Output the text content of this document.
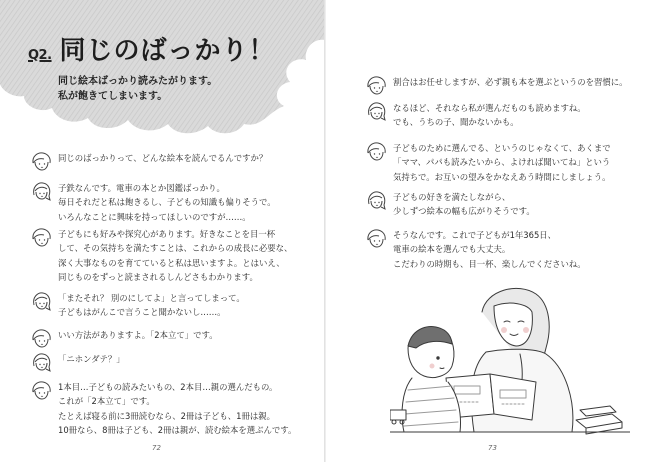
Q2. 同じのばっかり！
同じ絵本ばっかり読みたがります。
私が飽きてしまいます。
同じのばっかりって、どんな絵本を読んでるんですか？
子鉄なんです。電車の本とか図鑑ばっかり。
毎日それだと私は飽きるし、子どもの知識も偏りそうで。
いろんなことに興味を持ってほしいのですが……。
子どもにも好みや探究心があります。好きなことを目一杯
して、その気持ちを満たすことは、これからの成長に必要な、
深く大事なものを育てていると私は思いますよ。とはいえ、
同じものをずっと読まされるしんどさもわかります。
「またそれ？ 別のにしてよ」と言ってしまって。
子どもはがんこで言うこと聞かないし……。
いい方法がありますよ。「2本立て」です。
「ニホンダテ？」
1本目…子どもの読みたいもの、2本目…親の選んだもの。
これが「2本立て」です。
たとえば寝る前に3冊読むなら、2冊は子ども、1冊は親。
10冊なら、8冊は子ども、2冊は親が、読む絵本を選ぶんです。
72
割合はお任せしますが、必ず親も本を選ぶというのを習慣に。
なるほど、それなら私が選んだものも読めますね。
でも、うちの子、聞かないかも。
子どものために選んでる、というのじゃなくて、あくまで
「ママ、パパも読みたいから、よければ聞いてね」という
気持ちで。お互いの望みをかなえあう時間にしましょう。
子どもの好きを満たしながら、
少しずつ絵本の幅も広がりそうです。
そうなんです。これで子どもが1年365日、
電車の絵本を選んでも大丈夫。
こだわりの時期も、目一杯、楽しんでくださいね。
73
